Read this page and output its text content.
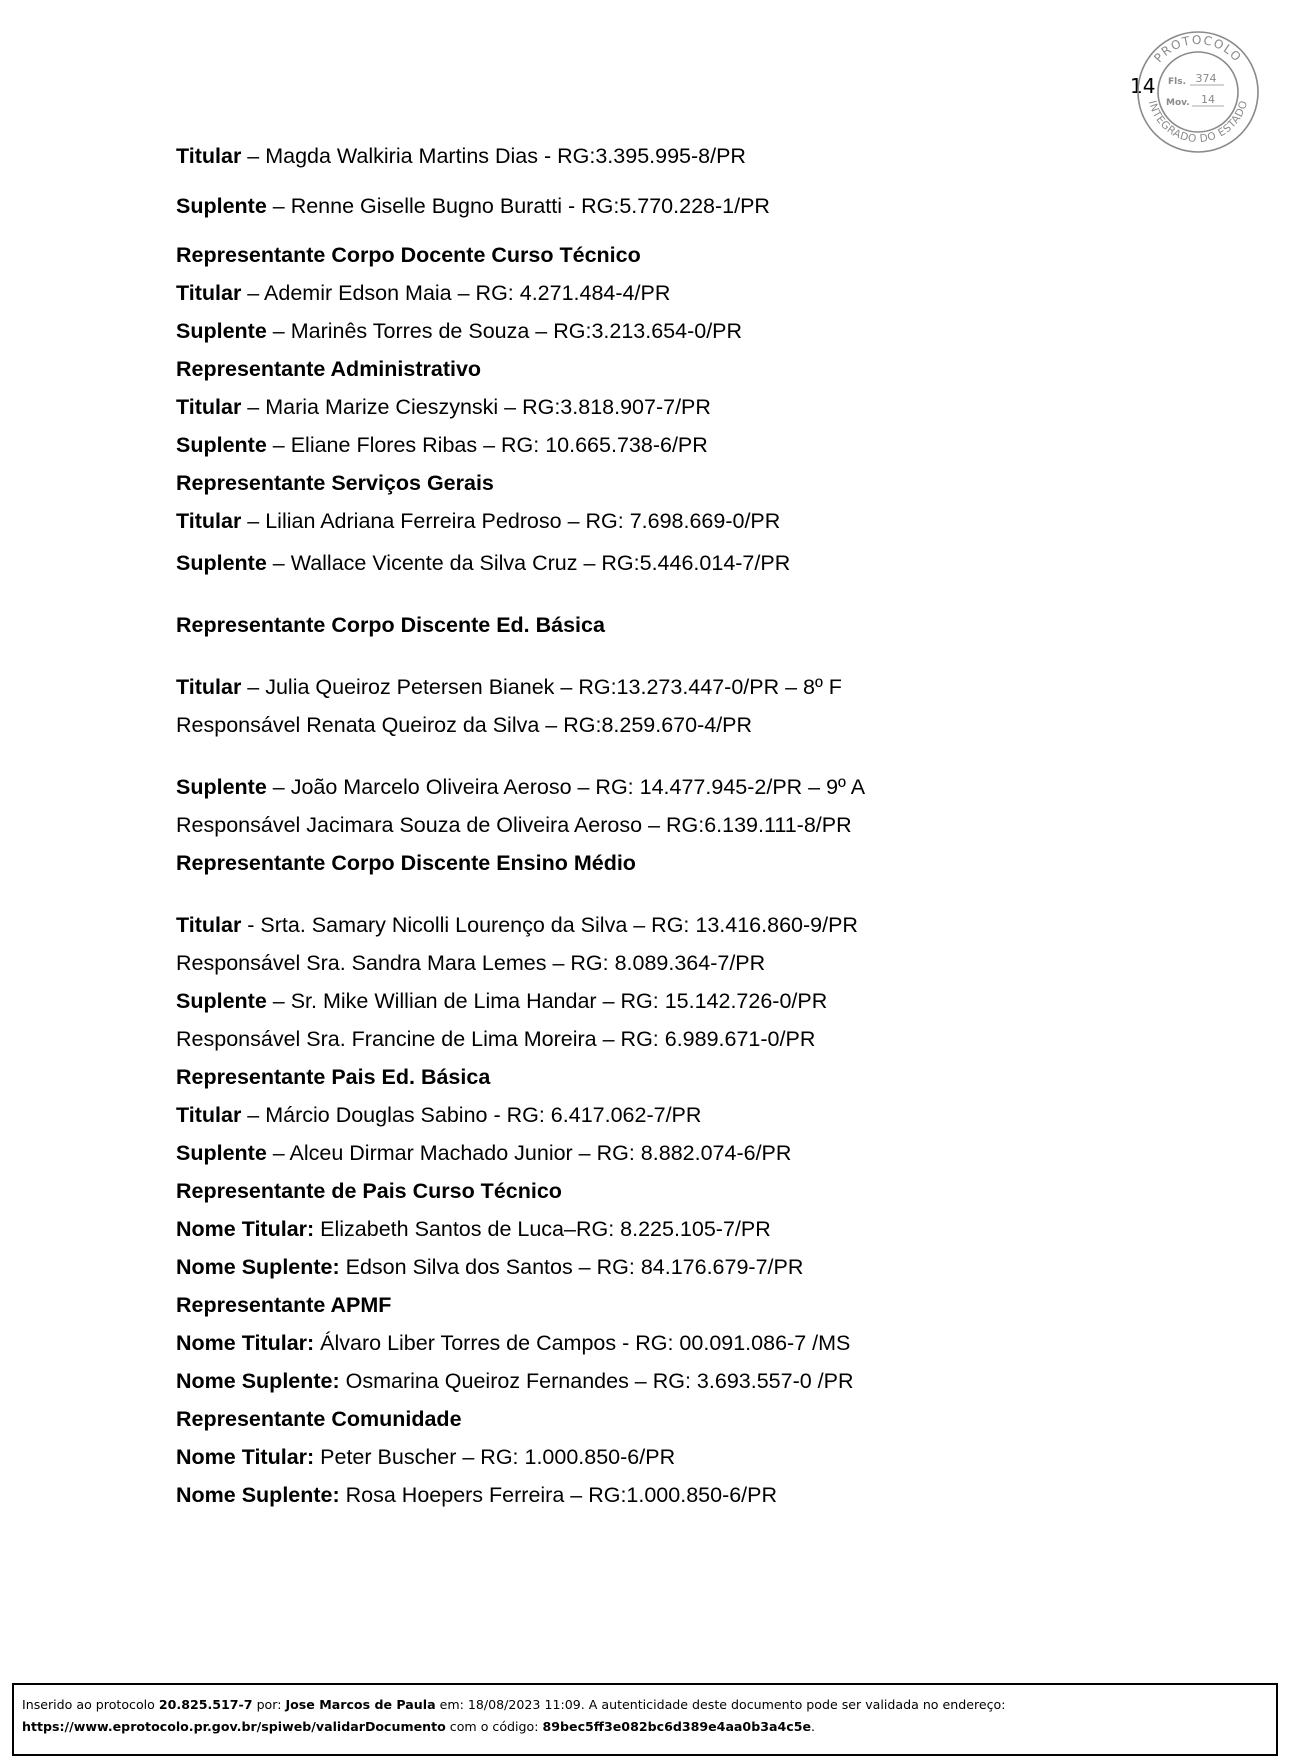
14
PROTOCOLO
INTEGRADO DO ESTADO
Fls. 374
Mov. 14
Titular – Magda Walkiria Martins Dias - RG:3.395.995-8/PR
Suplente – Renne Giselle Bugno Buratti - RG:5.770.228-1/PR
Representante Corpo Docente Curso Técnico
Titular – Ademir Edson Maia – RG: 4.271.484-4/PR
Suplente – Marinês Torres de Souza – RG:3.213.654-0/PR
Representante Administrativo
Titular – Maria Marize Cieszynski – RG:3.818.907-7/PR
Suplente – Eliane Flores Ribas – RG: 10.665.738-6/PR
Representante Serviços Gerais
Titular – Lilian Adriana Ferreira Pedroso – RG: 7.698.669-0/PR
Suplente – Wallace Vicente da Silva Cruz – RG:5.446.014-7/PR
Representante Corpo Discente Ed. Básica
Titular – Julia Queiroz Petersen Bianek – RG:13.273.447-0/PR – 8º F
Responsável Renata Queiroz da Silva – RG:8.259.670-4/PR
Suplente – João Marcelo Oliveira Aeroso – RG: 14.477.945-2/PR – 9º A
Responsável Jacimara Souza de Oliveira Aeroso – RG:6.139.111-8/PR
Representante Corpo Discente Ensino Médio
Titular - Srta. Samary Nicolli Lourenço da Silva – RG: 13.416.860-9/PR
Responsável Sra. Sandra Mara Lemes – RG: 8.089.364-7/PR
Suplente – Sr. Mike Willian de Lima Handar – RG: 15.142.726-0/PR
Responsável Sra. Francine de Lima Moreira – RG: 6.989.671-0/PR
Representante Pais Ed. Básica
Titular – Márcio Douglas Sabino - RG: 6.417.062-7/PR
Suplente – Alceu Dirmar Machado Junior – RG: 8.882.074-6/PR
Representante de Pais Curso Técnico
Nome Titular: Elizabeth Santos de Luca–RG: 8.225.105-7/PR
Nome Suplente: Edson Silva dos Santos – RG: 84.176.679-7/PR
Representante APMF
Nome Titular: Álvaro Liber Torres de Campos - RG: 00.091.086-7 /MS
Nome Suplente: Osmarina Queiroz Fernandes – RG: 3.693.557-0 /PR
Representante Comunidade
Nome Titular: Peter Buscher – RG: 1.000.850-6/PR
Nome Suplente: Rosa Hoepers Ferreira – RG:1.000.850-6/PR
Inserido ao protocolo 20.825.517-7 por: Jose Marcos de Paula em: 18/08/2023 11:09. A autenticidade deste documento pode ser validada no endereço:
https://www.eprotocolo.pr.gov.br/spiweb/validarDocumento com o código: 89bec5ff3e082bc6d389e4aa0b3a4c5e.
